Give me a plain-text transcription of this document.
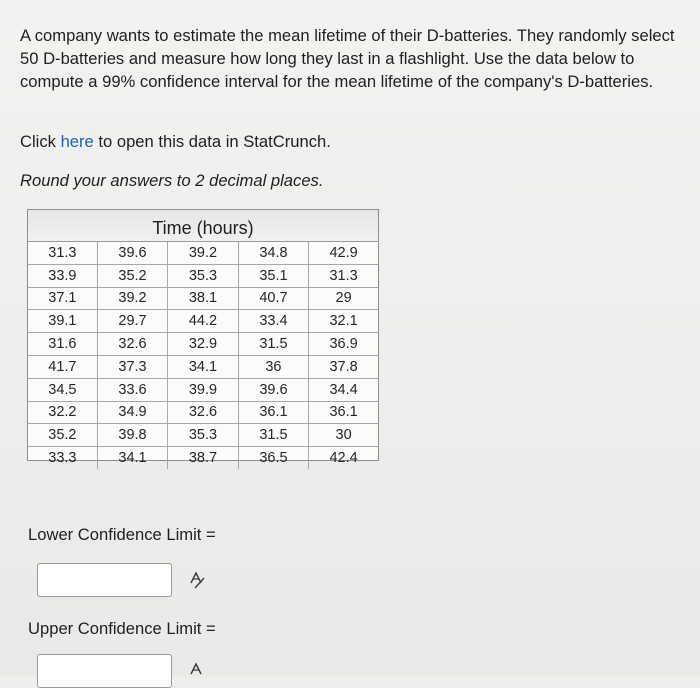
A company wants to estimate the mean lifetime of their D-batteries. They randomly select 50 D-batteries and measure how long they last in a flashlight. Use the data below to compute a 99% confidence interval for the mean lifetime of the company's D-batteries.

Click here to open this data in StatCrunch.

Round your answers to 2 decimal places.

Time (hours)
31.3	39.6	39.2	34.8	42.9
33.9	35.2	35.3	35.1	31.3
37.1	39.2	38.1	40.7	29
39.1	29.7	44.2	33.4	32.1
31.6	32.6	32.9	31.5	36.9
41.7	37.3	34.1	36	37.8
34.5	33.6	39.9	39.6	34.4
32.2	34.9	32.6	36.1	36.1
35.2	39.8	35.3	31.5	30
33.3	34.1	38.7	36.5	42.4

Lower Confidence Limit =

Upper Confidence Limit =
